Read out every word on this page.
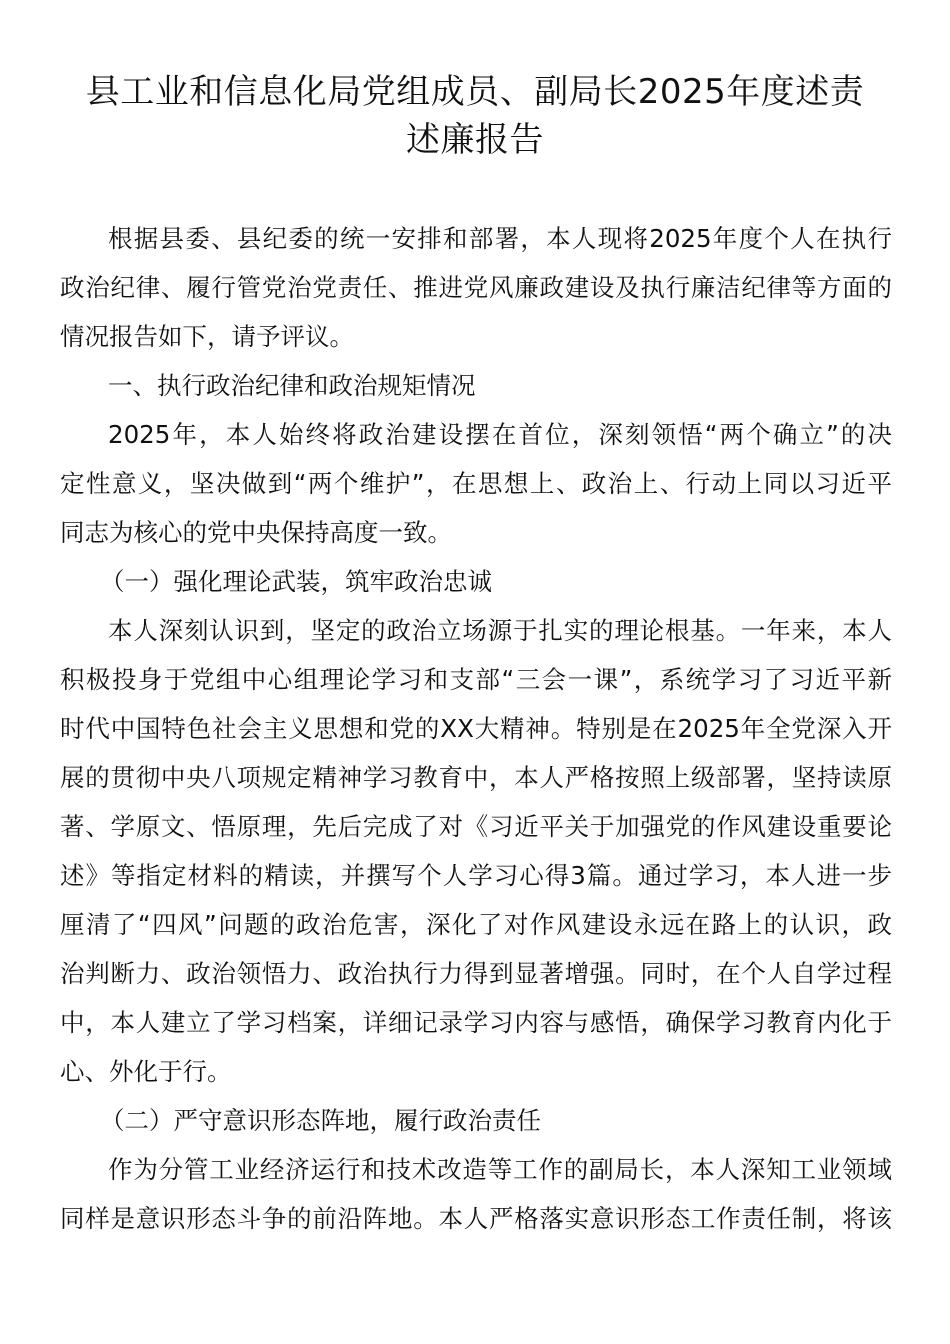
县工业和信息化局党组成员、副局长2025年度述责
述廉报告

根据县委、县纪委的统一安排和部署，本人现将2025年度个人在执行

政治纪律、履行管党治党责任、推进党风廉政建设及执行廉洁纪律等方面的

情况报告如下，请予评议。

一、执行政治纪律和政治规矩情况

2025年，本人始终将政治建设摆在首位，深刻领悟“两个确立”的决

定性意义，坚决做到“两个维护”，在思想上、政治上、行动上同以习近平

同志为核心的党中央保持高度一致。

（一）强化理论武装，筑牢政治忠诚

本人深刻认识到，坚定的政治立场源于扎实的理论根基。一年来，本人

积极投身于党组中心组理论学习和支部“三会一课”，系统学习了习近平新

时代中国特色社会主义思想和党的XX大精神。特别是在2025年全党深入开

展的贯彻中央八项规定精神学习教育中，本人严格按照上级部署，坚持读原

著、学原文、悟原理，先后完成了对《习近平关于加强党的作风建设重要论

述》等指定材料的精读，并撰写个人学习心得3篇。通过学习，本人进一步

厘清了“四风”问题的政治危害，深化了对作风建设永远在路上的认识，政

治判断力、政治领悟力、政治执行力得到显著增强。同时，在个人自学过程

中，本人建立了学习档案，详细记录学习内容与感悟，确保学习教育内化于

心、外化于行。

（二）严守意识形态阵地，履行政治责任

作为分管工业经济运行和技术改造等工作的副局长，本人深知工业领域

同样是意识形态斗争的前沿阵地。本人严格落实意识形态工作责任制，将该
